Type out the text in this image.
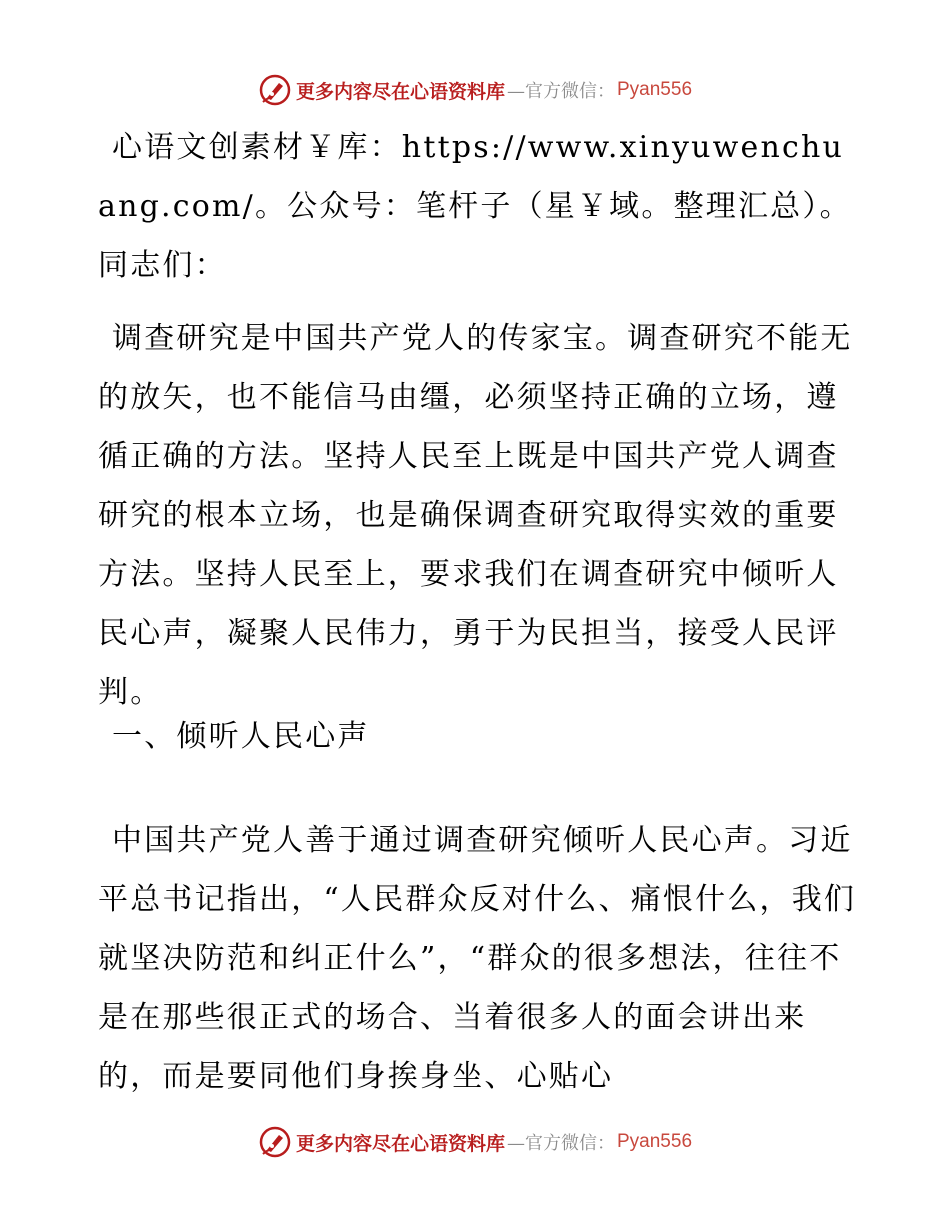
更多内容尽在心语资料库 —官方微信： Pyan556
心语文创素材￥库：https://www.xinyuwenchuang.com/。公众号：笔杆子（星￥域。整理汇总）。同志们：
调查研究是中国共产党人的传家宝。调查研究不能无的放矢，也不能信马由缰，必须坚持正确的立场，遵循正确的方法。坚持人民至上既是中国共产党人调查研究的根本立场，也是确保调查研究取得实效的重要方法。坚持人民至上，要求我们在调查研究中倾听人民心声，凝聚人民伟力，勇于为民担当，接受人民评判。
一、倾听人民心声
中国共产党人善于通过调查研究倾听人民心声。习近平总书记指出，“人民群众反对什么、痛恨什么，我们就坚决防范和纠正什么”，“群众的很多想法，往往不是在那些很正式的场合、当着很多人的面会讲出来的，而是要同他们身挨身坐、心贴心
更多内容尽在心语资料库 —官方微信： Pyan556
